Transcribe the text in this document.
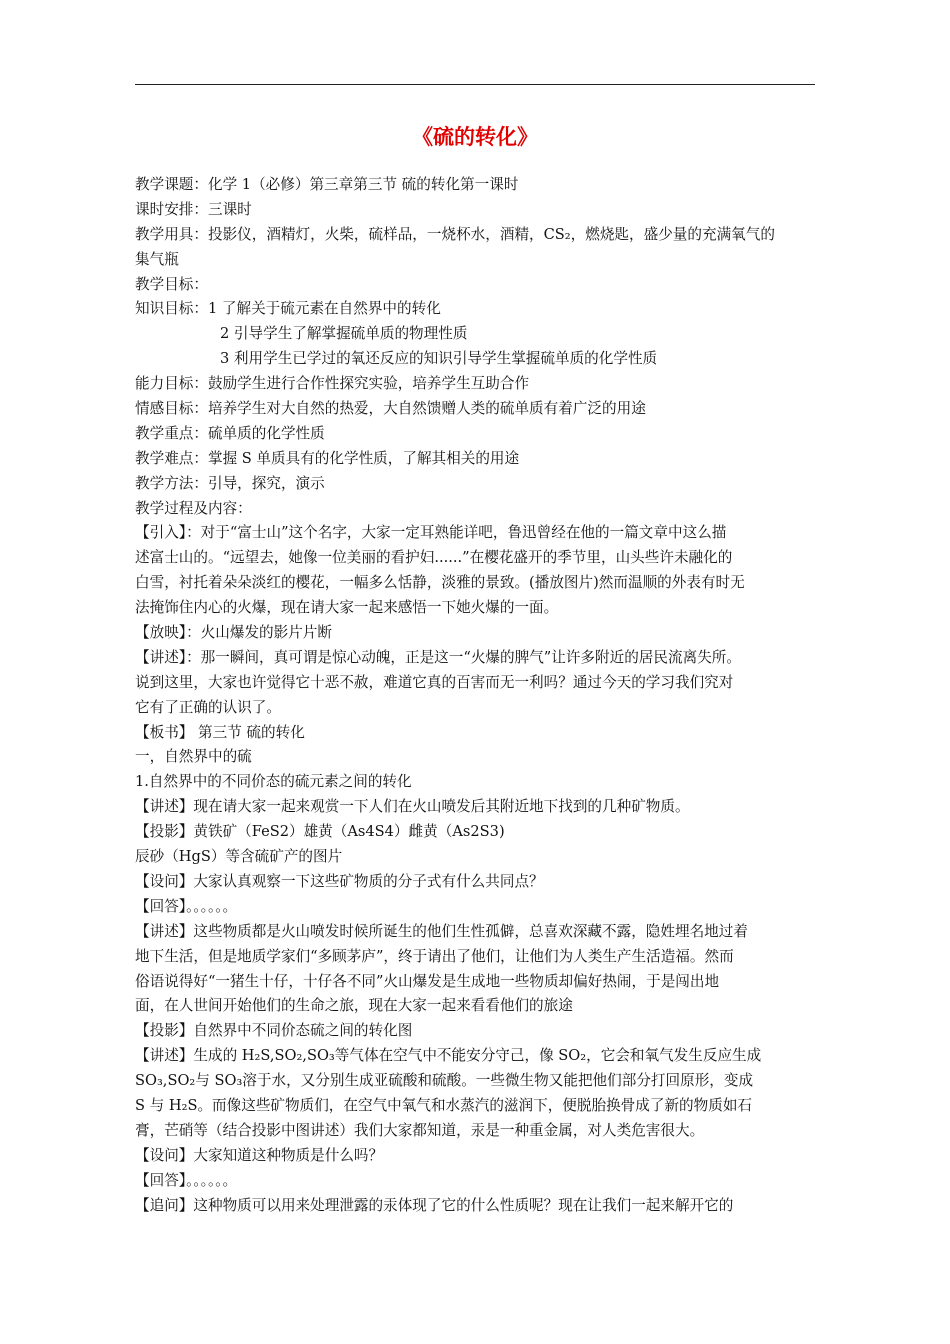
《硫的转化》
教学课题：化学 1（必修）第三章第三节 硫的转化第一课时
课时安排：三课时
教学用具：投影仪，酒精灯，火柴，硫样品，一烧杯水，酒精，CS₂，燃烧匙，盛少量的充满氧气的
集气瓶
教学目标：
知识目标：1 了解关于硫元素在自然界中的转化
2 引导学生了解掌握硫单质的物理性质
3 利用学生已学过的氧还反应的知识引导学生掌握硫单质的化学性质
能力目标：鼓励学生进行合作性探究实验，培养学生互助合作
情感目标：培养学生对大自然的热爱，大自然馈赠人类的硫单质有着广泛的用途
教学重点：硫单质的化学性质
教学难点：掌握 S 单质具有的化学性质，了解其相关的用途
教学方法：引导，探究，演示
教学过程及内容：
【引入】：对于“富士山”这个名字，大家一定耳熟能详吧，鲁迅曾经在他的一篇文章中这么描
述富士山的。“远望去，她像一位美丽的看护妇......”在樱花盛开的季节里，山头些许未融化的
白雪，衬托着朵朵淡红的樱花，一幅多么恬静，淡雅的景致。(播放图片)然而温顺的外表有时无
法掩饰住内心的火爆，现在请大家一起来感悟一下她火爆的一面。
【放映】：火山爆发的影片片断
【讲述】：那一瞬间，真可谓是惊心动魄，正是这一“火爆的脾气”让许多附近的居民流离失所。
说到这里，大家也许觉得它十恶不赦，难道它真的百害而无一利吗？通过今天的学习我们究对
它有了正确的认识了。
【板书】 第三节 硫的转化
一，自然界中的硫
1.自然界中的不同价态的硫元素之间的转化
【讲述】现在请大家一起来观赏一下人们在火山喷发后其附近地下找到的几种矿物质。
【投影】黄铁矿（FeS2）雄黄（As4S4）雌黄（As2S3)
辰砂（HgS）等含硫矿产的图片
【设问】大家认真观察一下这些矿物质的分子式有什么共同点？
【回答】。。。。。。
【讲述】这些物质都是火山喷发时候所诞生的他们生性孤僻，总喜欢深藏不露，隐姓埋名地过着
地下生活，但是地质学家们“多顾茅庐”，终于请出了他们，让他们为人类生产生活造福。然而
俗语说得好“一猪生十仔，十仔各不同”火山爆发是生成地一些物质却偏好热闹，于是闯出地
面，在人世间开始他们的生命之旅，现在大家一起来看看他们的旅途
【投影】自然界中不同价态硫之间的转化图
【讲述】生成的 H₂S,SO₂,SO₃等气体在空气中不能安分守己，像 SO₂，它会和氧气发生反应生成
SO₃,SO₂与 SO₃溶于水，又分别生成亚硫酸和硫酸。一些微生物又能把他们部分打回原形，变成
S 与 H₂S。而像这些矿物质们，在空气中氧气和水蒸汽的滋润下，便脱胎换骨成了新的物质如石
膏，芒硝等（结合投影中图讲述）我们大家都知道，汞是一种重金属，对人类危害很大。
【设问】大家知道这种物质是什么吗？
【回答】。。。。。。
【追问】这种物质可以用来处理泄露的汞体现了它的什么性质呢？现在让我们一起来解开它的
